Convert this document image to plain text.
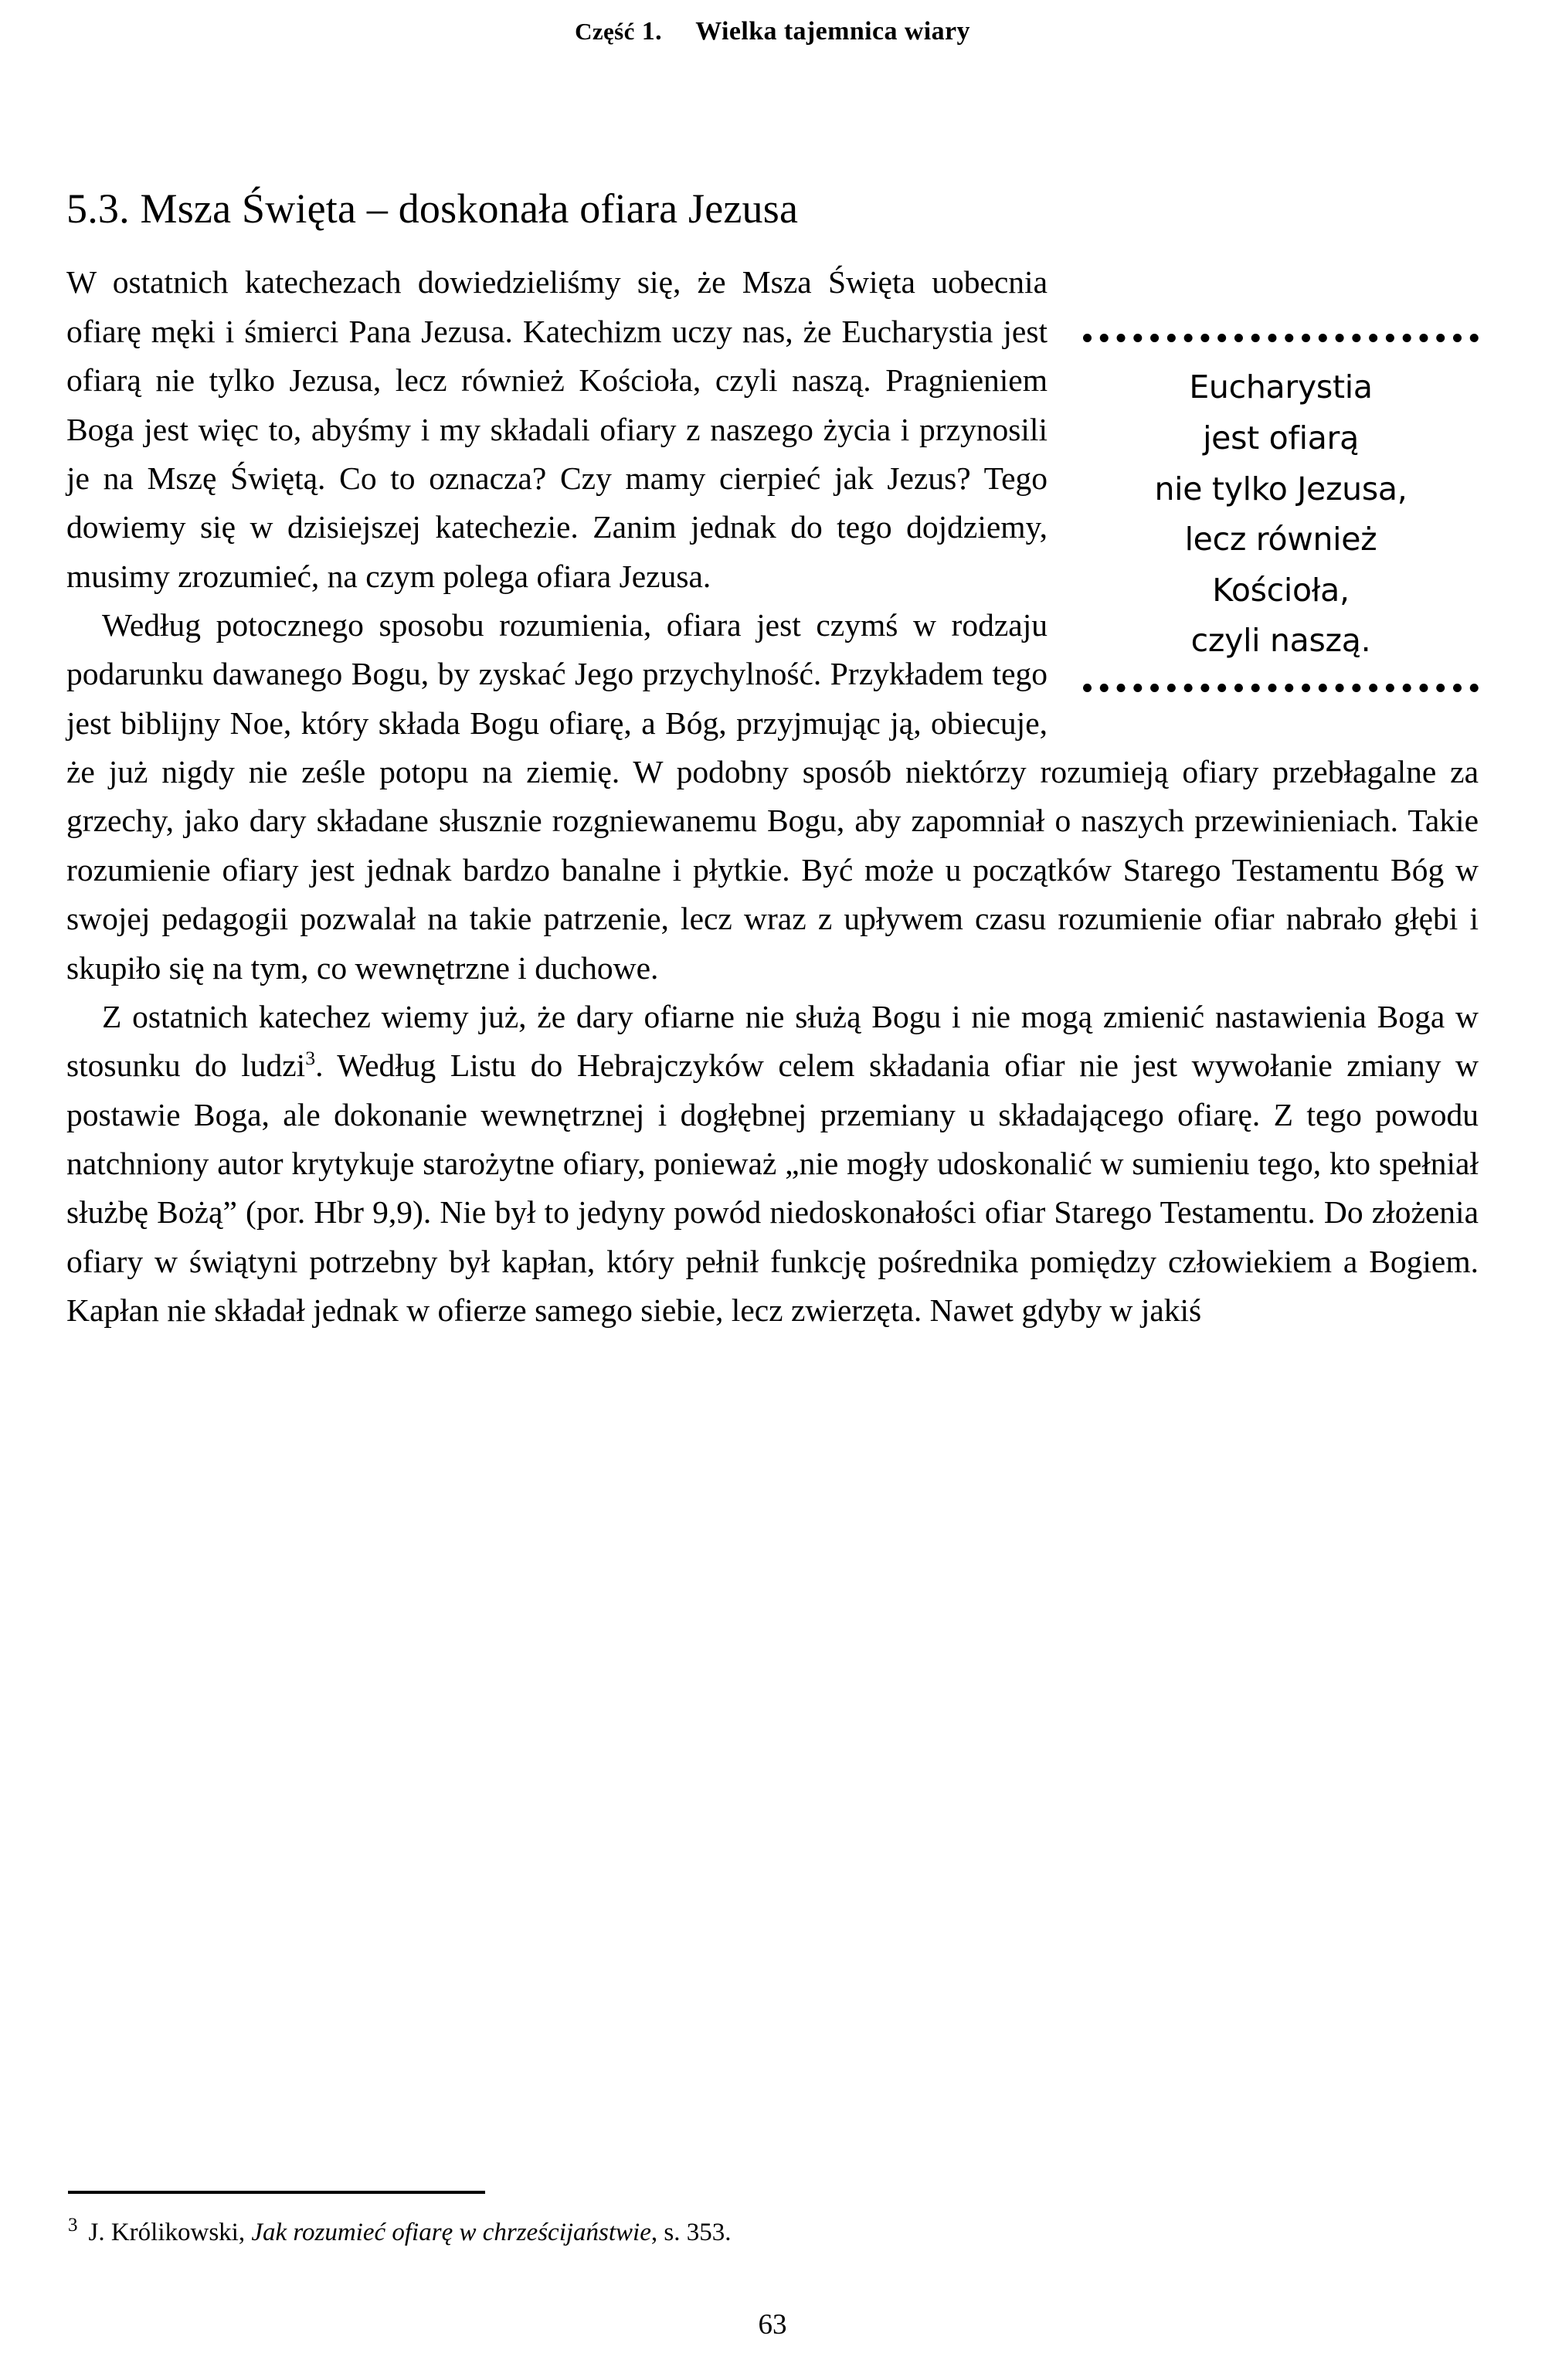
Część 1. Wielka tajemnica wiary
5.3. Msza Święta – doskonała ofiara Jezusa
Eucharystia
jest ofiarą
nie tylko Jezusa,
lecz również
Kościoła,
czyli naszą.

W ostatnich katechezach dowiedzieliśmy się, że Msza Święta uobecnia ofiarę męki i śmierci Pana Jezusa. Katechizm uczy nas, że Eucharystia jest ofiarą nie tylko Jezusa, lecz również Kościoła, czyli naszą. Pragnieniem Boga jest więc to, abyśmy i my składali ofiary z naszego życia i przynosili je na Mszę Świętą. Co to oznacza? Czy mamy cierpieć jak Jezus? Tego dowiemy się w dzisiejszej katechezie. Zanim jednak do tego dojdziemy, musimy zrozumieć, na czym polega ofiara Jezusa.

Według potocznego sposobu rozumienia, ofiara jest czymś w rodzaju podarunku dawanego Bogu, by zyskać Jego przychylność. Przykładem tego jest biblijny Noe, który składa Bogu ofiarę, a Bóg, przyjmując ją, obiecuje, że już nigdy nie ześle potopu na ziemię. W podobny sposób niektórzy rozumieją ofiary przebłagalne za grzechy, jako dary składane słusznie rozgniewanemu Bogu, aby zapomniał o naszych przewinieniach. Takie rozumienie ofiary jest jednak bardzo banalne i płytkie. Być może u początków Starego Testamentu Bóg w swojej pedagogii pozwalał na takie patrzenie, lecz wraz z upływem czasu rozumienie ofiar nabrało głębi i skupiło się na tym, co wewnętrzne i duchowe.

Z ostatnich katechez wiemy już, że dary ofiarne nie służą Bogu i nie mogą zmienić nastawienia Boga w stosunku do ludzi$^3$. Według Listu do Hebrajczyków celem składania ofiar nie jest wywołanie zmiany w postawie Boga, ale dokonanie wewnętrznej i dogłębnej przemiany u składającego ofiarę. Z tego powodu natchniony autor krytykuje starożytne ofiary, ponieważ „nie mogły udoskonalić w sumieniu tego, kto spełniał służbę Bożą” (por. Hbr 9,9). Nie był to jedyny powód niedoskonałości ofiar Starego Testamentu. Do złożenia ofiary w świątyni potrzebny był kapłan, który pełnił funkcję pośrednika pomiędzy człowiekiem a Bogiem. Kapłan nie składał jednak w ofierze samego siebie, lecz zwierzęta. Nawet gdyby w jakiś

$^3$ J. Królikowski, Jak rozumieć ofiarę w chrześcijaństwie, s. 353.
63
